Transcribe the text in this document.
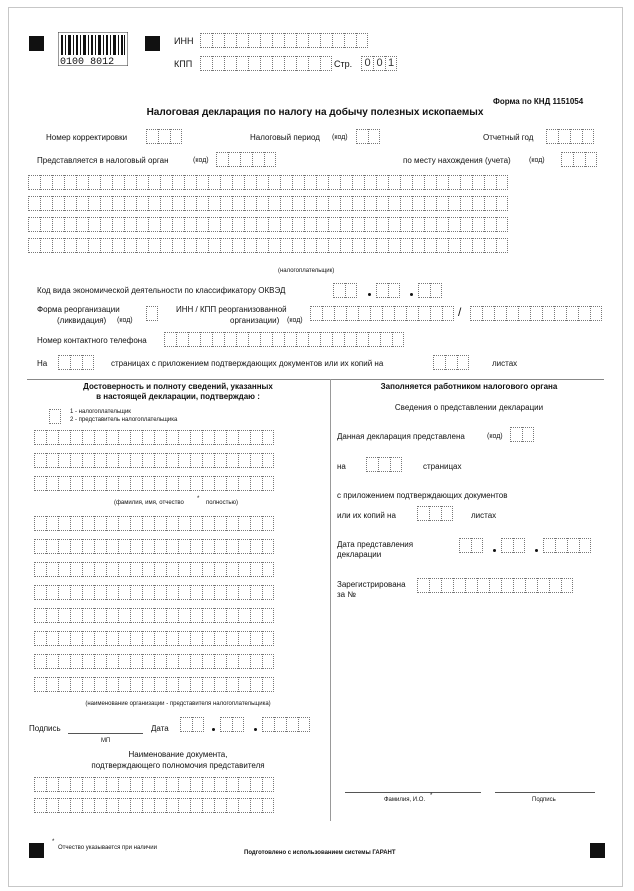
0 1 0 0 8 0 1 2
ИНН
КПП	Стр.	0 0 1
Форма по КНД 1151054
Налоговая декларация по налогу на добычу полезных ископаемых
Номер корректировки	Налоговый период (код)	Отчетный год
Представляется в налоговый орган	(код)	по месту нахождения (учета)	(код)
(налогоплательщик)
Код вида экономической деятельности по классификатору ОКВЭД
Форма реорганизации
(ликвидация) (код)
ИНН / КПП реорганизованной
организации) (код)
/
Номер контактного телефона
На	страницах с приложением подтверждающих документов или их копий на	листах
Достоверность и полноту сведений, указанных
в настоящей декларации, подтверждаю :
1 - налогоплательщик
2 - представитель налогоплательщика
(фамилия, имя, отчество
*
полностью)
(наименование организации - представителя налогоплательщика)
Подпись
МП
Дата
Наименование документа,
подтверждающего полномочия представителя
Заполняется работником налогового органа
Сведения о представлении декларации
Данная декларация представлена	(код)
на	страницах
с приложением подтверждающих документов
или их копий на	листах
Дата представления
декларации
Зарегистрирована
за №
Фамилия, И.О.
*
Подпись
*
Отчество указывается при наличии
Подготовлено с использованием системы ГАРАНТ
